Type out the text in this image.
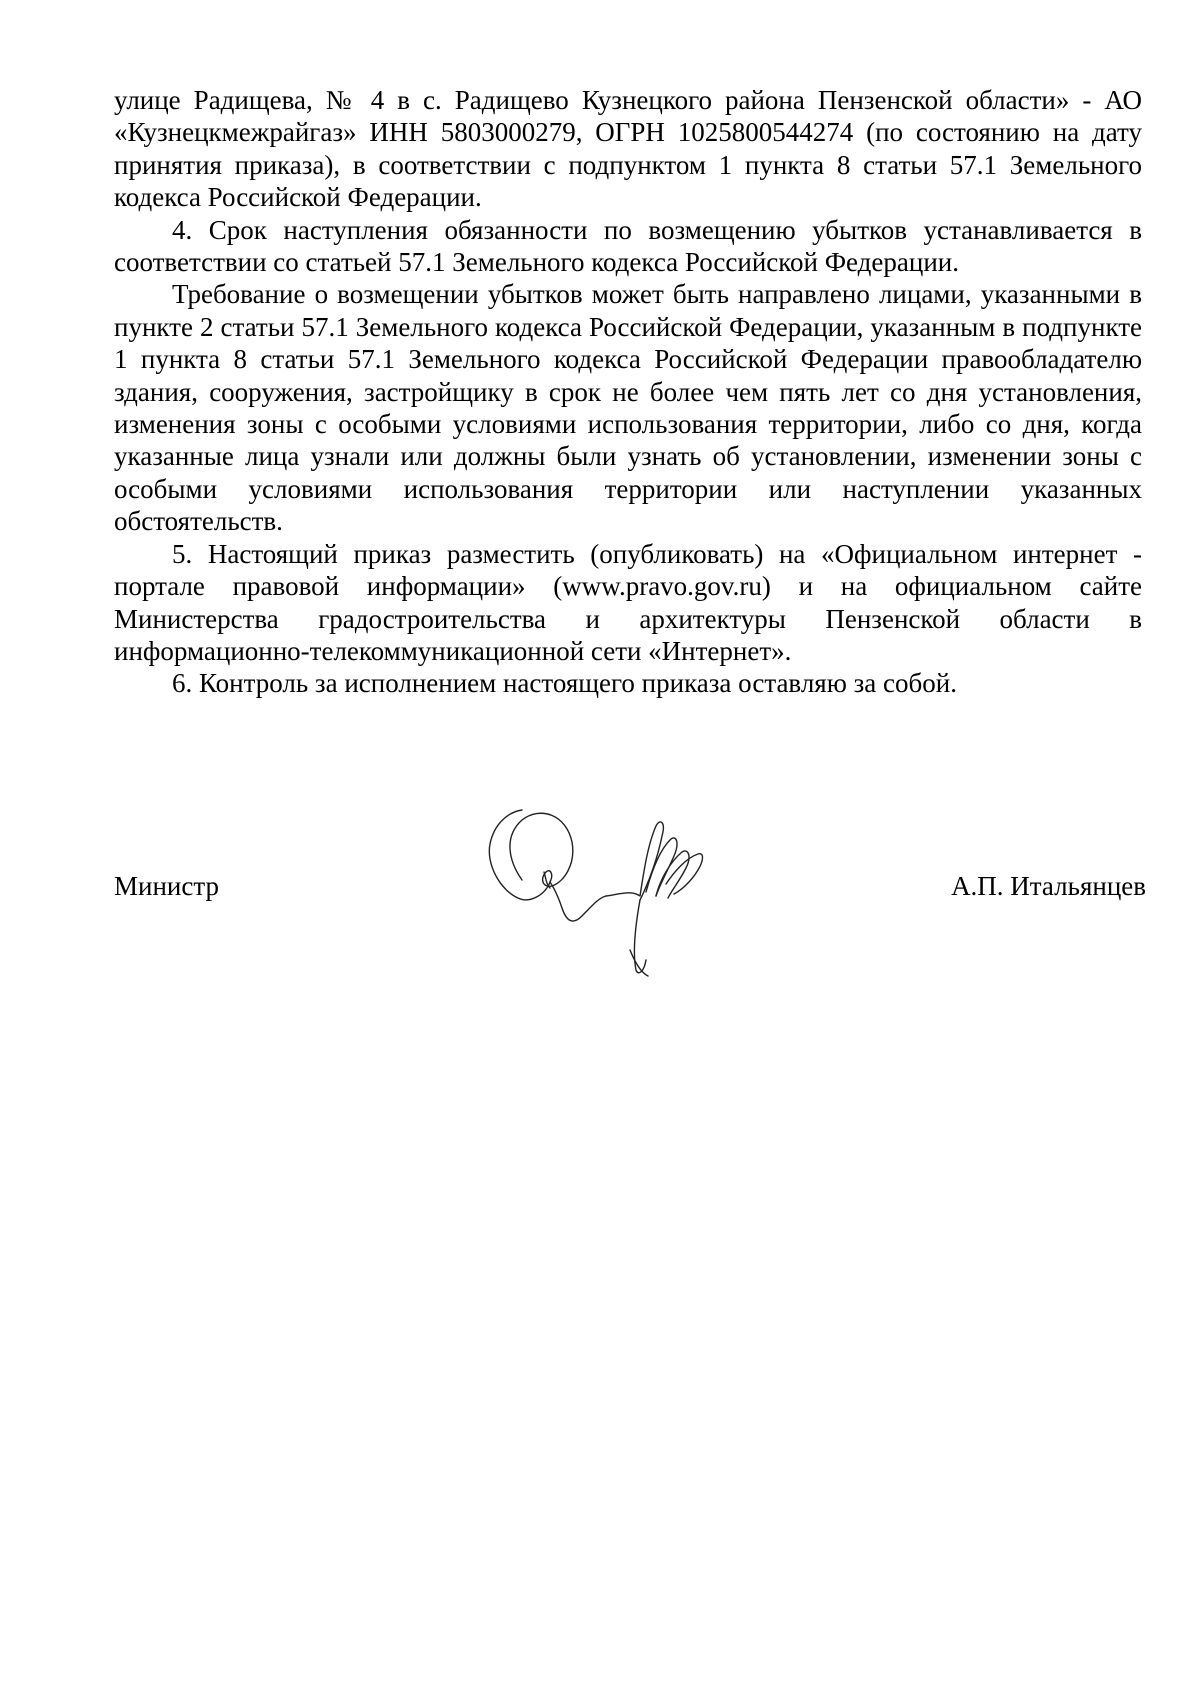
улице Радищева, № 4 в с. Радищево Кузнецкого района Пензенской области» - АО «Кузнецкмежрайгаз» ИНН 5803000279, ОГРН 1025800544274 (по состоянию на дату принятия приказа), в соответствии с подпунктом 1 пункта 8 статьи 57.1 Земельного кодекса Российской Федерации.

4. Срок наступления обязанности по возмещению убытков устанавливается в соответствии со статьей 57.1 Земельного кодекса Российской Федерации.

Требование о возмещении убытков может быть направлено лицами, указанными в пункте 2 статьи 57.1 Земельного кодекса Российской Федерации, указанным в подпункте 1 пункта 8 статьи 57.1 Земельного кодекса Российской Федерации правообладателю здания, сооружения, застройщику в срок не более чем пять лет со дня установления, изменения зоны с особыми условиями использования территории, либо со дня, когда указанные лица узнали или должны были узнать об установлении, изменении зоны с особыми условиями использования территории или наступлении указанных обстоятельств.

5. Настоящий приказ разместить (опубликовать) на «Официальном интернет - портале правовой информации» (www.pravo.gov.ru) и на официальном сайте Министерства градостроительства и архитектуры Пензенской области в информационно-телекоммуникационной сети «Интернет».

6. Контроль за исполнением настоящего приказа оставляю за собой.

Министр	А.П. Итальянцев
